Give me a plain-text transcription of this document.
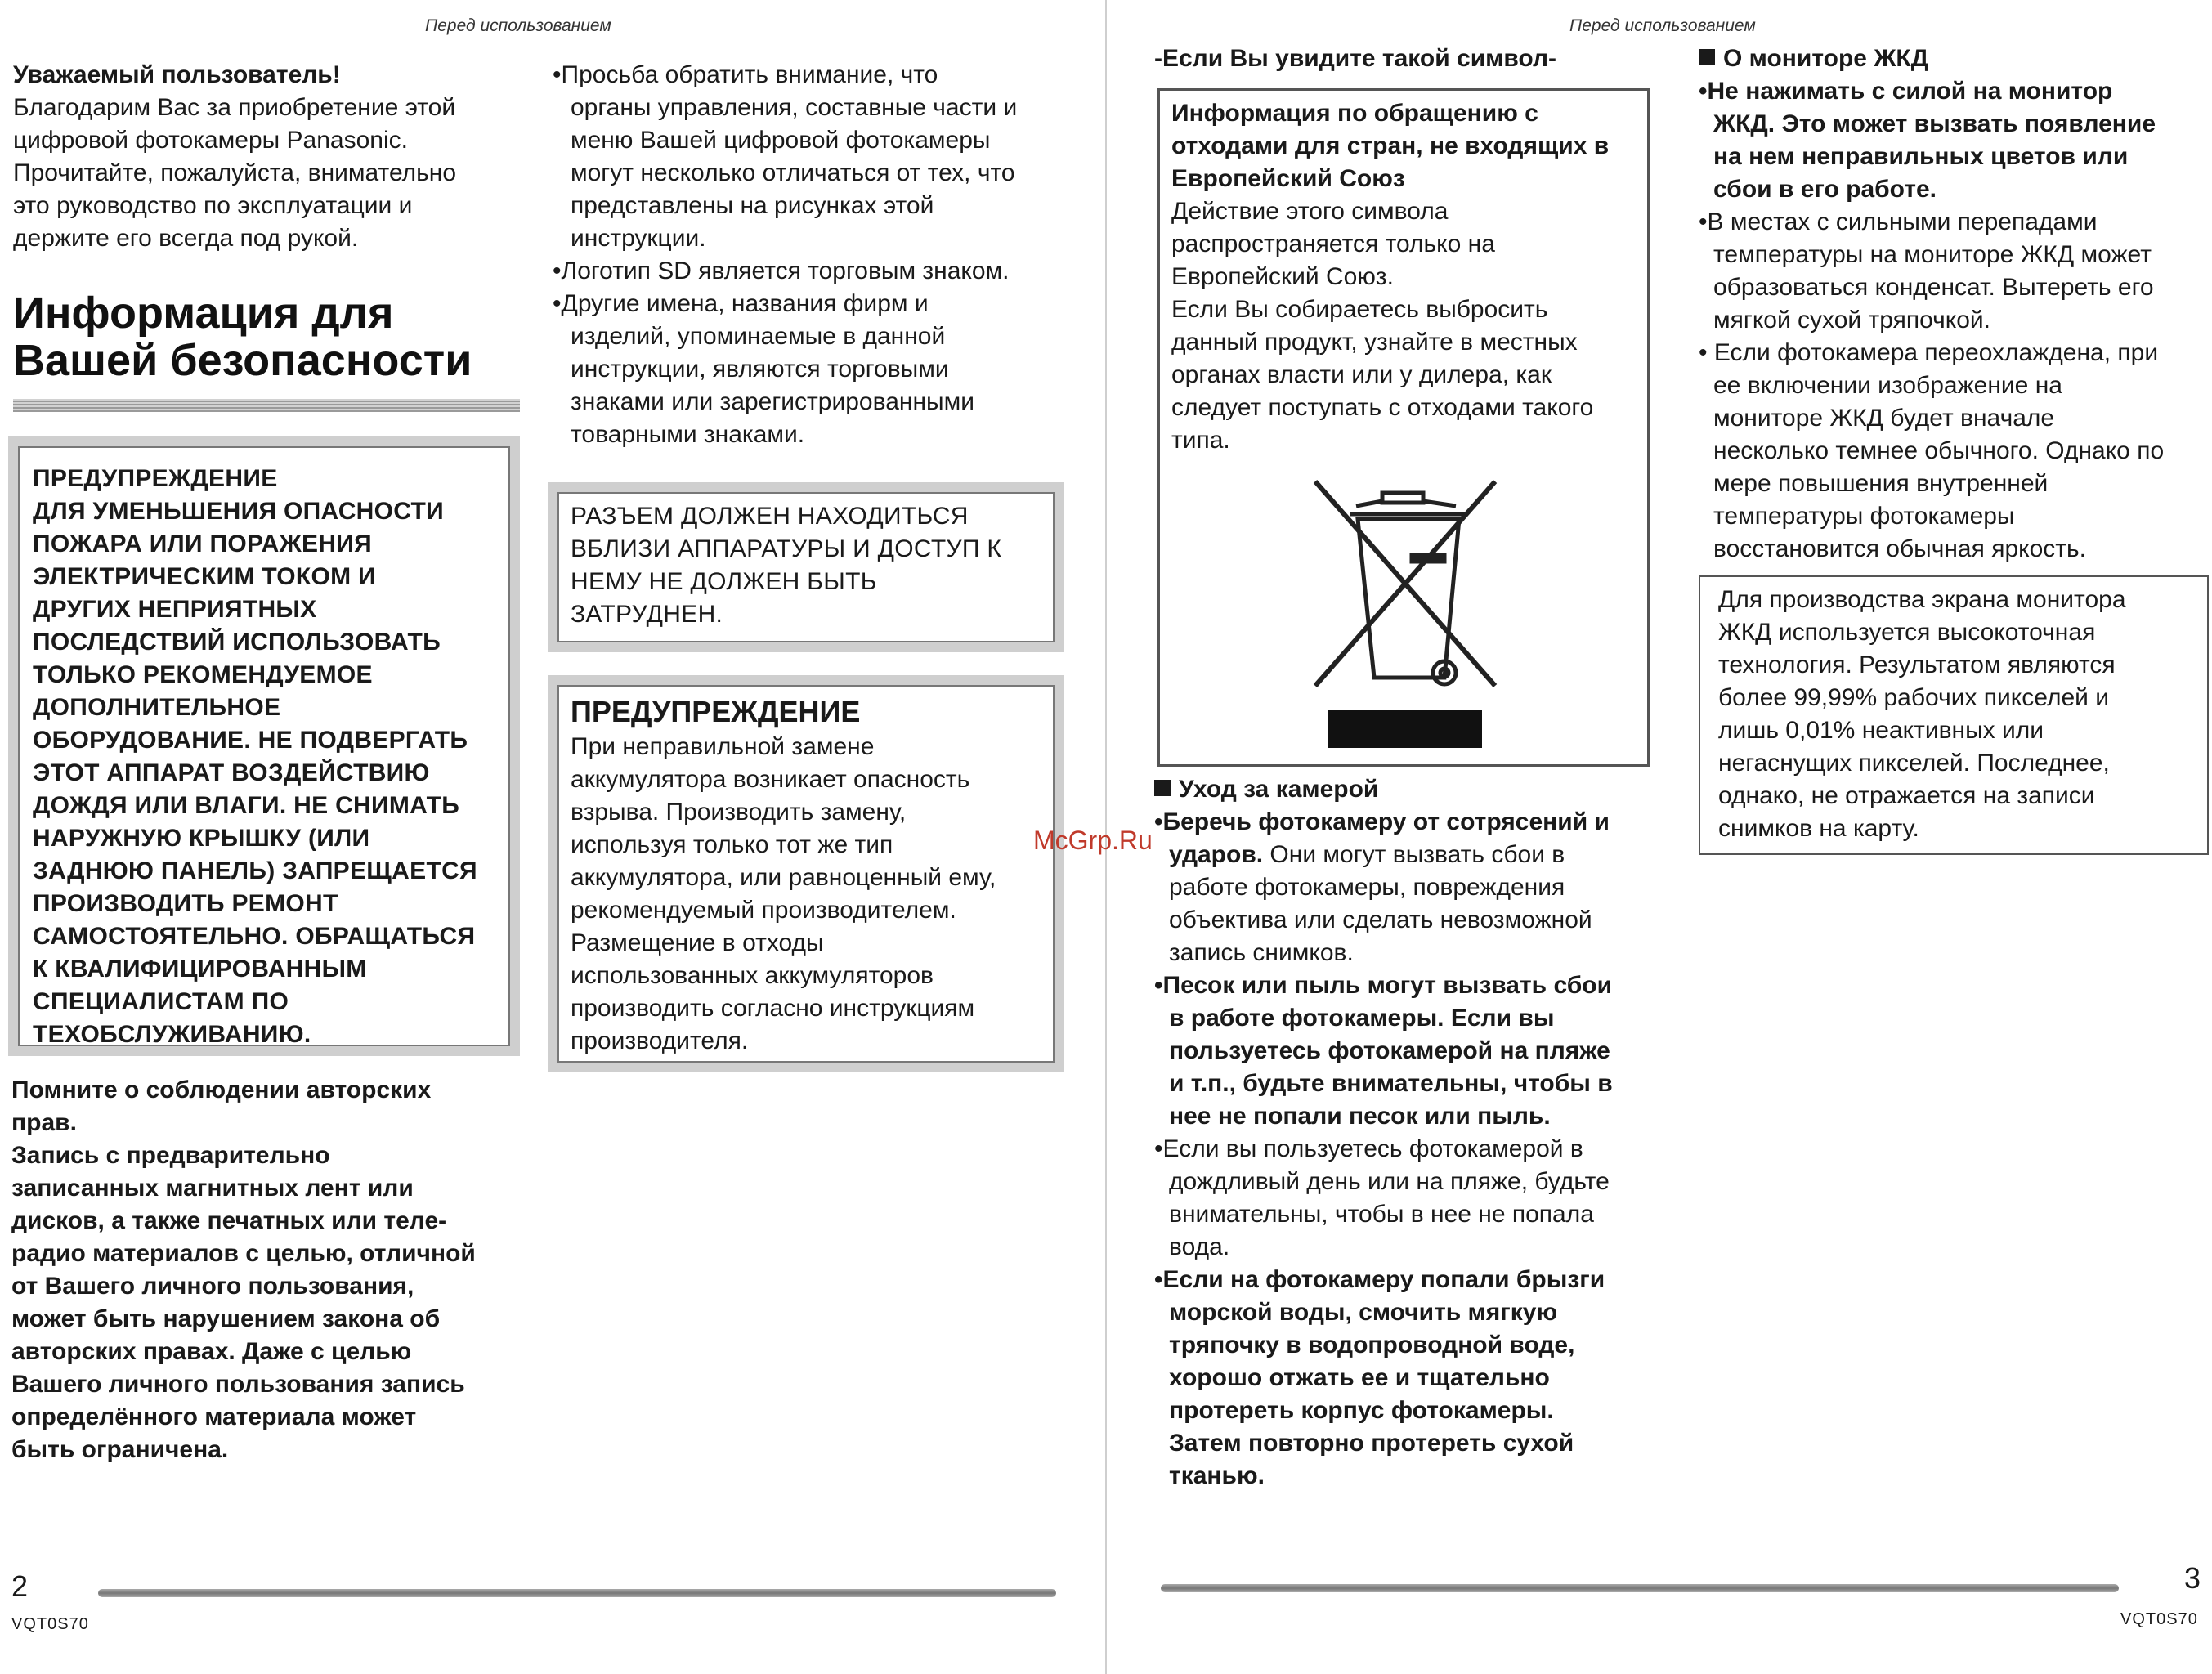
Перед использованием

Уважаемый пользователь!

Благодарим Вас за приобретение этой

цифровой фотокамеры Panasonic.

Прочитайте, пожалуйста, внимательно

это руководство по эксплуатации и

держите его всегда под рукой.

Информация для

Вашей безопасности

ПРЕДУПРЕЖДЕНИЕ
ДЛЯ УМЕНЬШЕНИЯ ОПАСНОСТИ
ПОЖАРА ИЛИ ПОРАЖЕНИЯ
ЭЛЕКТРИЧЕСКИМ ТОКОМ И
ДРУГИХ НЕПРИЯТНЫХ
ПОСЛЕДСТВИЙ ИСПОЛЬЗОВАТЬ
ТОЛЬКО РЕКОМЕНДУЕМОЕ
ДОПОЛНИТЕЛЬНОЕ
ОБОРУДОВАНИЕ. НЕ ПОДВЕРГАТЬ
ЭТОТ АППАРАТ ВОЗДЕЙСТВИЮ
ДОЖДЯ ИЛИ ВЛАГИ. НЕ СНИМАТЬ
НАРУЖНУЮ КРЫШКУ (ИЛИ
ЗАДНЮЮ ПАНЕЛЬ) ЗАПРЕЩАЕТСЯ
ПРОИЗВОДИТЬ РЕМОНТ
САМОСТОЯТЕЛЬНО. ОБРАЩАТЬСЯ
К КВАЛИФИЦИРОВАННЫМ
СПЕЦИАЛИСТАМ ПО
ТЕХОБСЛУЖИВАНИЮ.

Помните о соблюдении авторских

прав.

Запись с предварительно

записанных магнитных лент или

дисков, а также печатных или теле-

радио материалов с целью, отличной

от Вашего личного пользования,

может быть нарушением закона об

авторских правах. Даже с целью

Вашего личного пользования запись

определённого материала может

быть ограничена.

• Просьба обратить внимание, что

органы управления, составные части и

меню Вашей цифровой фотокамеры

могут несколько отличаться от тех, что

представлены на рисунках этой

инструкции.

• Логотип SD является торговым знаком.

• Другие имена, названия фирм и

изделий, упоминаемые в данной

инструкции, являются торговыми

знаками или зарегистрированными

товарными знаками.

РАЗЪЕМ ДОЛЖЕН НАХОДИТЬСЯ
ВБЛИЗИ АППАРАТУРЫ И ДОСТУП К
НЕМУ НЕ ДОЛЖЕН БЫТЬ
ЗАТРУДНЕН.
ПРЕДУПРЕЖДЕНИЕ
При неправильной замене
аккумулятора возникает опасность
взрыва. Производить замену,
используя только тот же тип
аккумулятора, или равноценный ему,
рекомендуемый производителем.
Размещение в отходы
использованных аккумуляторов
производить согласно инструкциям
производителя.
2
VQT0S70
Перед использованием

-Если Вы увидите такой символ-

Информация по обращению с
отходами для стран, не входящих в
Европейский Союз
Действие этого символа
распространяется только на
Европейский Союз.
Если Вы собираетесь выбросить
данный продукт, узнайте в местных
органах власти или у дилера, как
следует поступать с отходами такого
типа.

Уход за камерой

• Беречь фотокамеру от сотрясений и

ударов. Они могут вызвать сбои в

работе фотокамеры, повреждения

объектива или сделать невозможной

запись снимков.

• Песок или пыль могут вызвать сбои

в работе фотокамеры. Если вы

пользуетесь фотокамерой на пляже

и т.п., будьте внимательны, чтобы в

нее не попали песок или пыль.

• Если вы пользуетесь фотокамерой в

дождливый день или на пляже, будьте

внимательны, чтобы в нее не попала

вода.

• Если на фотокамеру попали брызги

морской воды, смочить мягкую

тряпочку в водопроводной воде,

хорошо отжать ее и тщательно

протереть корпус фотокамеры.

Затем повторно протереть сухой

тканью.

О мониторе ЖКД

• Не нажимать с силой на монитор

ЖКД. Это может вызвать появление

на нем неправильных цветов или

сбои в его работе.

• В местах с сильными перепадами

температуры на мониторе ЖКД может

образоваться конденсат. Вытереть его

мягкой сухой тряпочкой.

• Если фотокамера переохлаждена, при

ее включении изображение на

мониторе ЖКД будет вначале

несколько темнее обычного. Однако по

мере повышения внутренней

температуры фотокамеры

восстановится обычная яркость.

Для производства экрана монитора
ЖКД используется высокоточная
технология. Результатом являются
более 99,99% рабочих пикселей и
лишь 0,01% неактивных или
негаснущих пикселей. Последнее,
однако, не отражается на записи
снимков на карту.
3
VQT0S70
McGrp.Ru
